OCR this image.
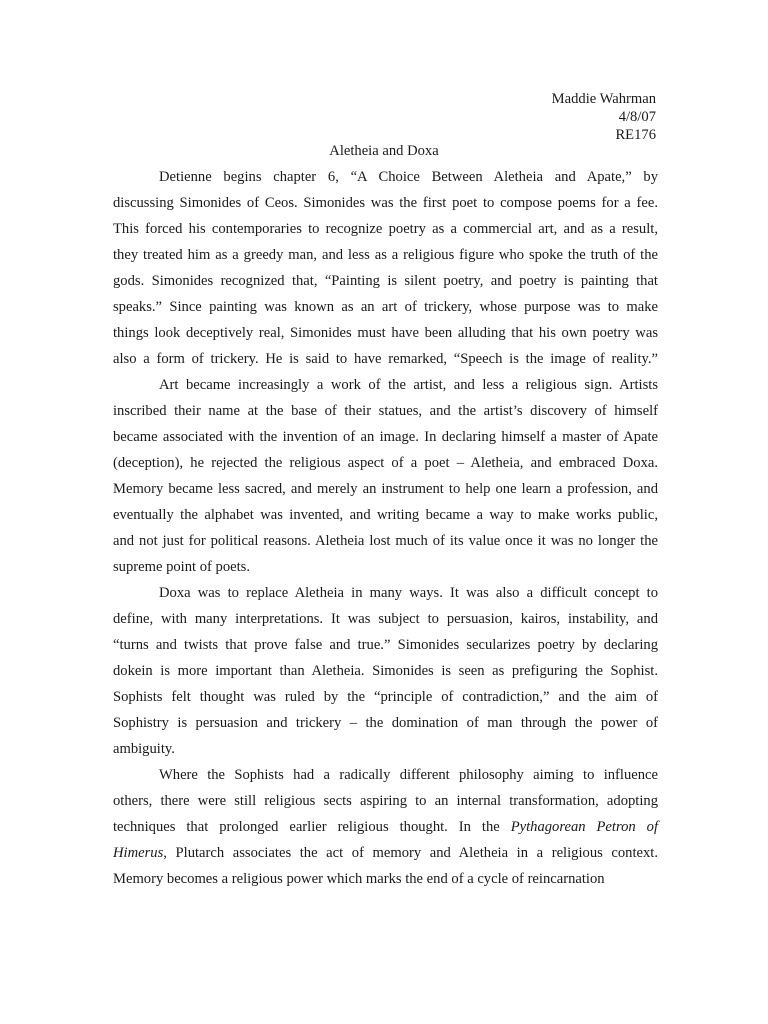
Maddie Wahrman
4/8/07
RE176
Aletheia and Doxa
Detienne begins chapter 6, “A Choice Between Aletheia and Apate,” by
discussing Simonides of Ceos. Simonides was the first poet to compose poems for a fee.
This forced his contemporaries to recognize poetry as a commercial art, and as a result,
they treated him as a greedy man, and less as a religious figure who spoke the truth of the
gods. Simonides recognized that, “Painting is silent poetry, and poetry is painting that
speaks.” Since painting was known as an art of trickery, whose purpose was to make
things look deceptively real, Simonides must have been alluding that his own poetry was
also a form of trickery. He is said to have remarked, “Speech is the image of reality.”
Art became increasingly a work of the artist, and less a religious sign. Artists
inscribed their name at the base of their statues, and the artist’s discovery of himself
became associated with the invention of an image. In declaring himself a master of Apate
(deception), he rejected the religious aspect of a poet – Aletheia, and embraced Doxa.
Memory became less sacred, and merely an instrument to help one learn a profession, and
eventually the alphabet was invented, and writing became a way to make works public,
and not just for political reasons. Aletheia lost much of its value once it was no longer the
supreme point of poets.
Doxa was to replace Aletheia in many ways. It was also a difficult concept to
define, with many interpretations. It was subject to persuasion, kairos, instability, and
“turns and twists that prove false and true.” Simonides secularizes poetry by declaring
dokein is more important than Aletheia. Simonides is seen as prefiguring the Sophist.
Sophists felt thought was ruled by the “principle of contradiction,” and the aim of
Sophistry is persuasion and trickery – the domination of man through the power of
ambiguity.
Where the Sophists had a radically different philosophy aiming to influence
others, there were still religious sects aspiring to an internal transformation, adopting
techniques that prolonged earlier religious thought. In the Pythagorean Petron of
Himerus, Plutarch associates the act of memory and Aletheia in a religious context.
Memory becomes a religious power which marks the end of a cycle of reincarnation
